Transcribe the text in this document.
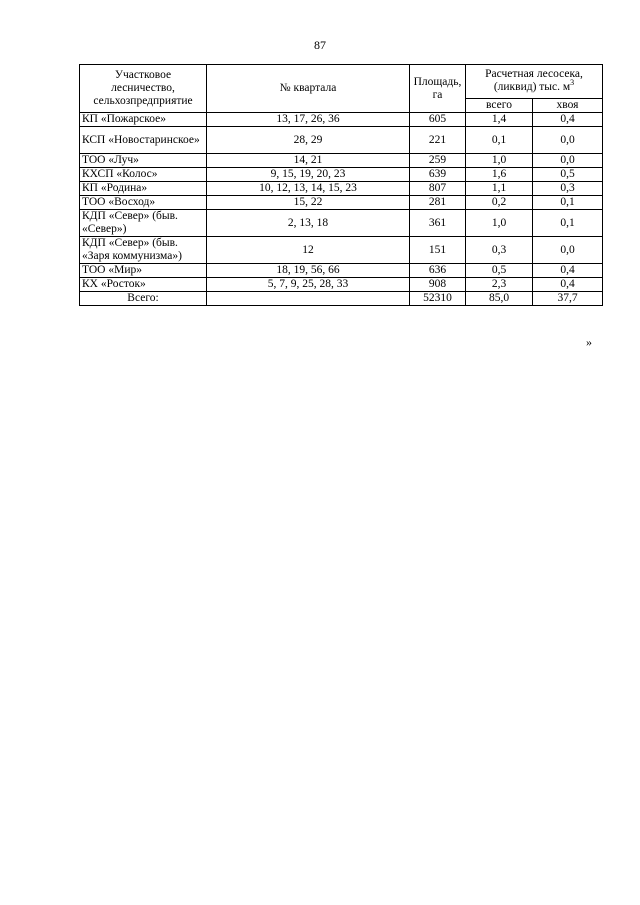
87
Участковое лесничество, сельхозпредприятие	№ квартала	Площадь, га	Расчетная лесосека, (ликвид) тыс. $м^3$
			всего	хвоя
КП «Пожарское»	13, 17, 26, 36	605	1,4	0,4
КСП «Новостаринское»	28, 29	221	0,1	0,0
ТОО «Луч»	14, 21	259	1,0	0,0
КХСП «Колос»	9, 15, 19, 20, 23	639	1,6	0,5
КП «Родина»	10, 12, 13, 14, 15, 23	807	1,1	0,3
ТОО «Восход»	15, 22	281	0,2	0,1
КДП «Север» (быв. «Север»)	2, 13, 18	361	1,0	0,1
КДП «Север» (быв. «Заря коммунизма»)	12	151	0,3	0,0
ТОО «Мир»	18, 19, 56, 66	636	0,5	0,4
КХ «Росток»	5, 7, 9, 25, 28, 33	908	2,3	0,4
Всего:		52310	85,0	37,7
»
